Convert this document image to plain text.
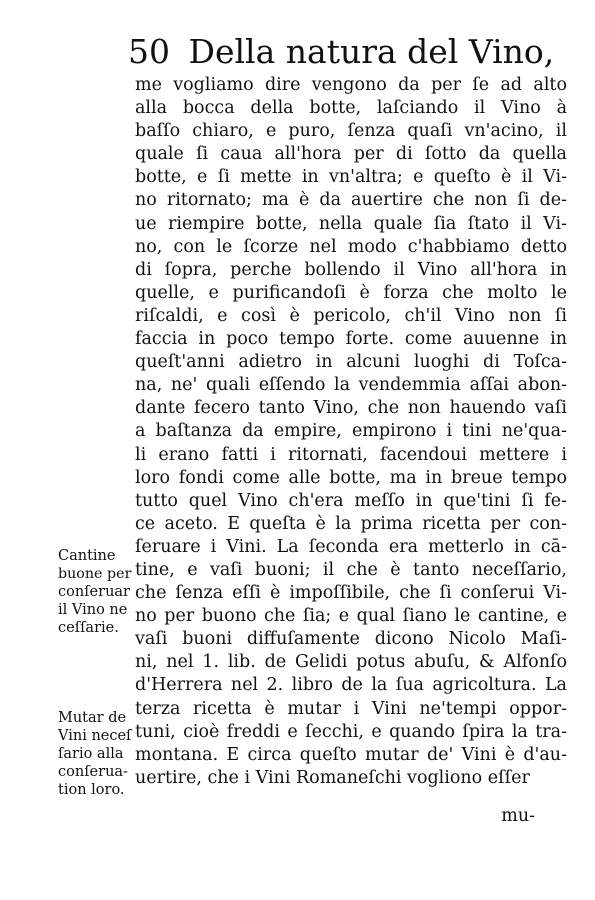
50 Della natura del Vino,
me vogliamo dire vengono da per ſe ad alto
alla bocca della botte, laſciando il Vino à
baſſo chiaro, e puro, ſenza quaſi vn'acino, il
quale ſi caua all'hora per di ſotto da quella
botte, e ſi mette in vn'altra; e queſto è il Vi-
no ritornato; ma è da auertire che non ſi de-
ue riempire botte, nella quale ſia ſtato il Vi-
no, con le ſcorze nel modo c'habbiamo detto
di ſopra, perche bollendo il Vino all'hora in
quelle, e purificandoſi è forza che molto le
riſcaldi, e così è pericolo, ch'il Vino non ſi
faccia in poco tempo forte. come auuenne in
queſt'anni adietro in alcuni luoghi di Toſca-
na, ne' quali eſſendo la vendemmia aſſai abon-
dante fecero tanto Vino, che non hauendo vaſi
a baſtanza da empire, empirono i tini ne'qua-
li erano fatti i ritornati, facendoui mettere i
loro fondi come alle botte, ma in breue tempo
tutto quel Vino ch'era meſſo in que'tini ſi fe-
ce aceto. E queſta è la prima ricetta per con-
ſeruare i Vini. La ſeconda era metterlo in cā-
tine, e vaſi buoni; il che è tanto neceſſario,
che ſenza eſſi è impoſſibile, che ſi conſerui Vi-
no per buono che ſia; e qual ſiano le cantine, e
vaſi buoni diffuſamente dicono Nicolo Maſi-
ni, nel 1. lib. de Gelidi potus abuſu, & Alfonſo
d'Herrera nel 2. libro de la ſua agricoltura. La
terza ricetta è mutar i Vini ne'tempi oppor-
tuni, cioè freddi e ſecchi, e quando ſpira la tra-
montana. E circa queſto mutar de' Vini è d'au-
uertire, che i Vini Romaneſchi vogliono eſſer
Cantine
buone per
conſeruar
il Vino ne
ceſſarie.
Mutar de
Vini neceſ
ſario alla
conſerua-
tion loro.
mu-
